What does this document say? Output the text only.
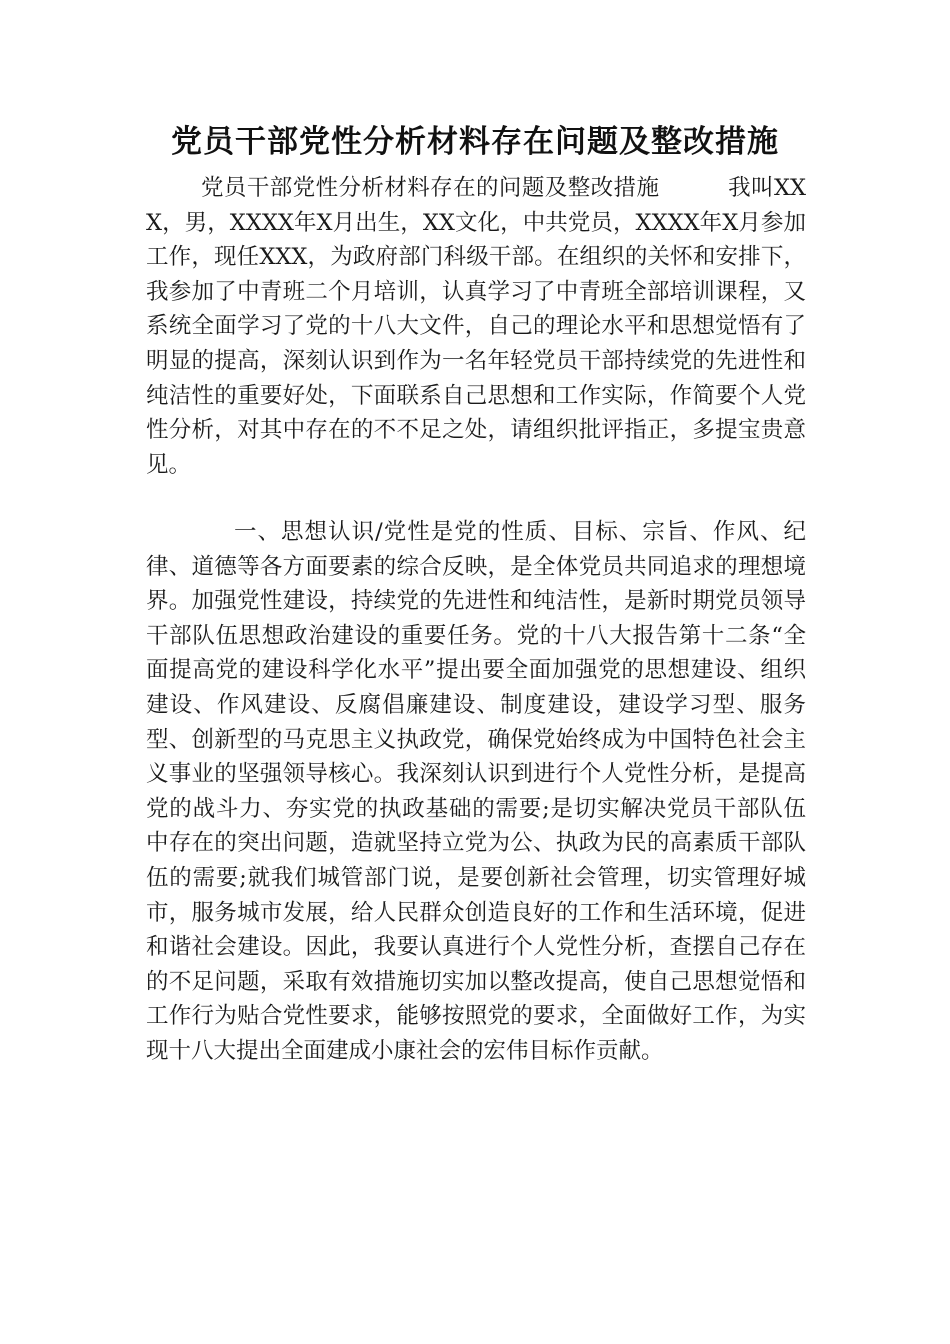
党员干部党性分析材料存在问题及整改措施

党员干部党性分析材料存在的问题及整改措施　　　我叫XXX，男，XXXX年X月出生，XX文化，中共党员，XXXX年X月参加工作，现任XXX，为政府部门科级干部。在组织的关怀和安排下，我参加了中青班二个月培训，认真学习了中青班全部培训课程，又系统全面学习了党的十八大文件，自己的理论水平和思想觉悟有了明显的提高，深刻认识到作为一名年轻党员干部持续党的先进性和纯洁性的重要好处，下面联系自己思想和工作实际，作简要个人党性分析，对其中存在的不不足之处，请组织批评指正，多提宝贵意见。

一、思想认识/党性是党的性质、目标、宗旨、作风、纪律、道德等各方面要素的综合反映，是全体党员共同追求的理想境界。加强党性建设，持续党的先进性和纯洁性，是新时期党员领导干部队伍思想政治建设的重要任务。党的十八大报告第十二条“全面提高党的建设科学化水平”提出要全面加强党的思想建设、组织建设、作风建设、反腐倡廉建设、制度建设，建设学习型、服务型、创新型的马克思主义执政党，确保党始终成为中国特色社会主义事业的坚强领导核心。我深刻认识到进行个人党性分析，是提高党的战斗力、夯实党的执政基础的需要;是切实解决党员干部队伍中存在的突出问题，造就坚持立党为公、执政为民的高素质干部队伍的需要;就我们城管部门说，是要创新社会管理，切实管理好城市，服务城市发展，给人民群众创造良好的工作和生活环境，促进和谐社会建设。因此，我要认真进行个人党性分析，查摆自己存在的不足问题，采取有效措施切实加以整改提高，使自己思想觉悟和工作行为贴合党性要求，能够按照党的要求，全面做好工作，为实现十八大提出全面建成小康社会的宏伟目标作贡献。
